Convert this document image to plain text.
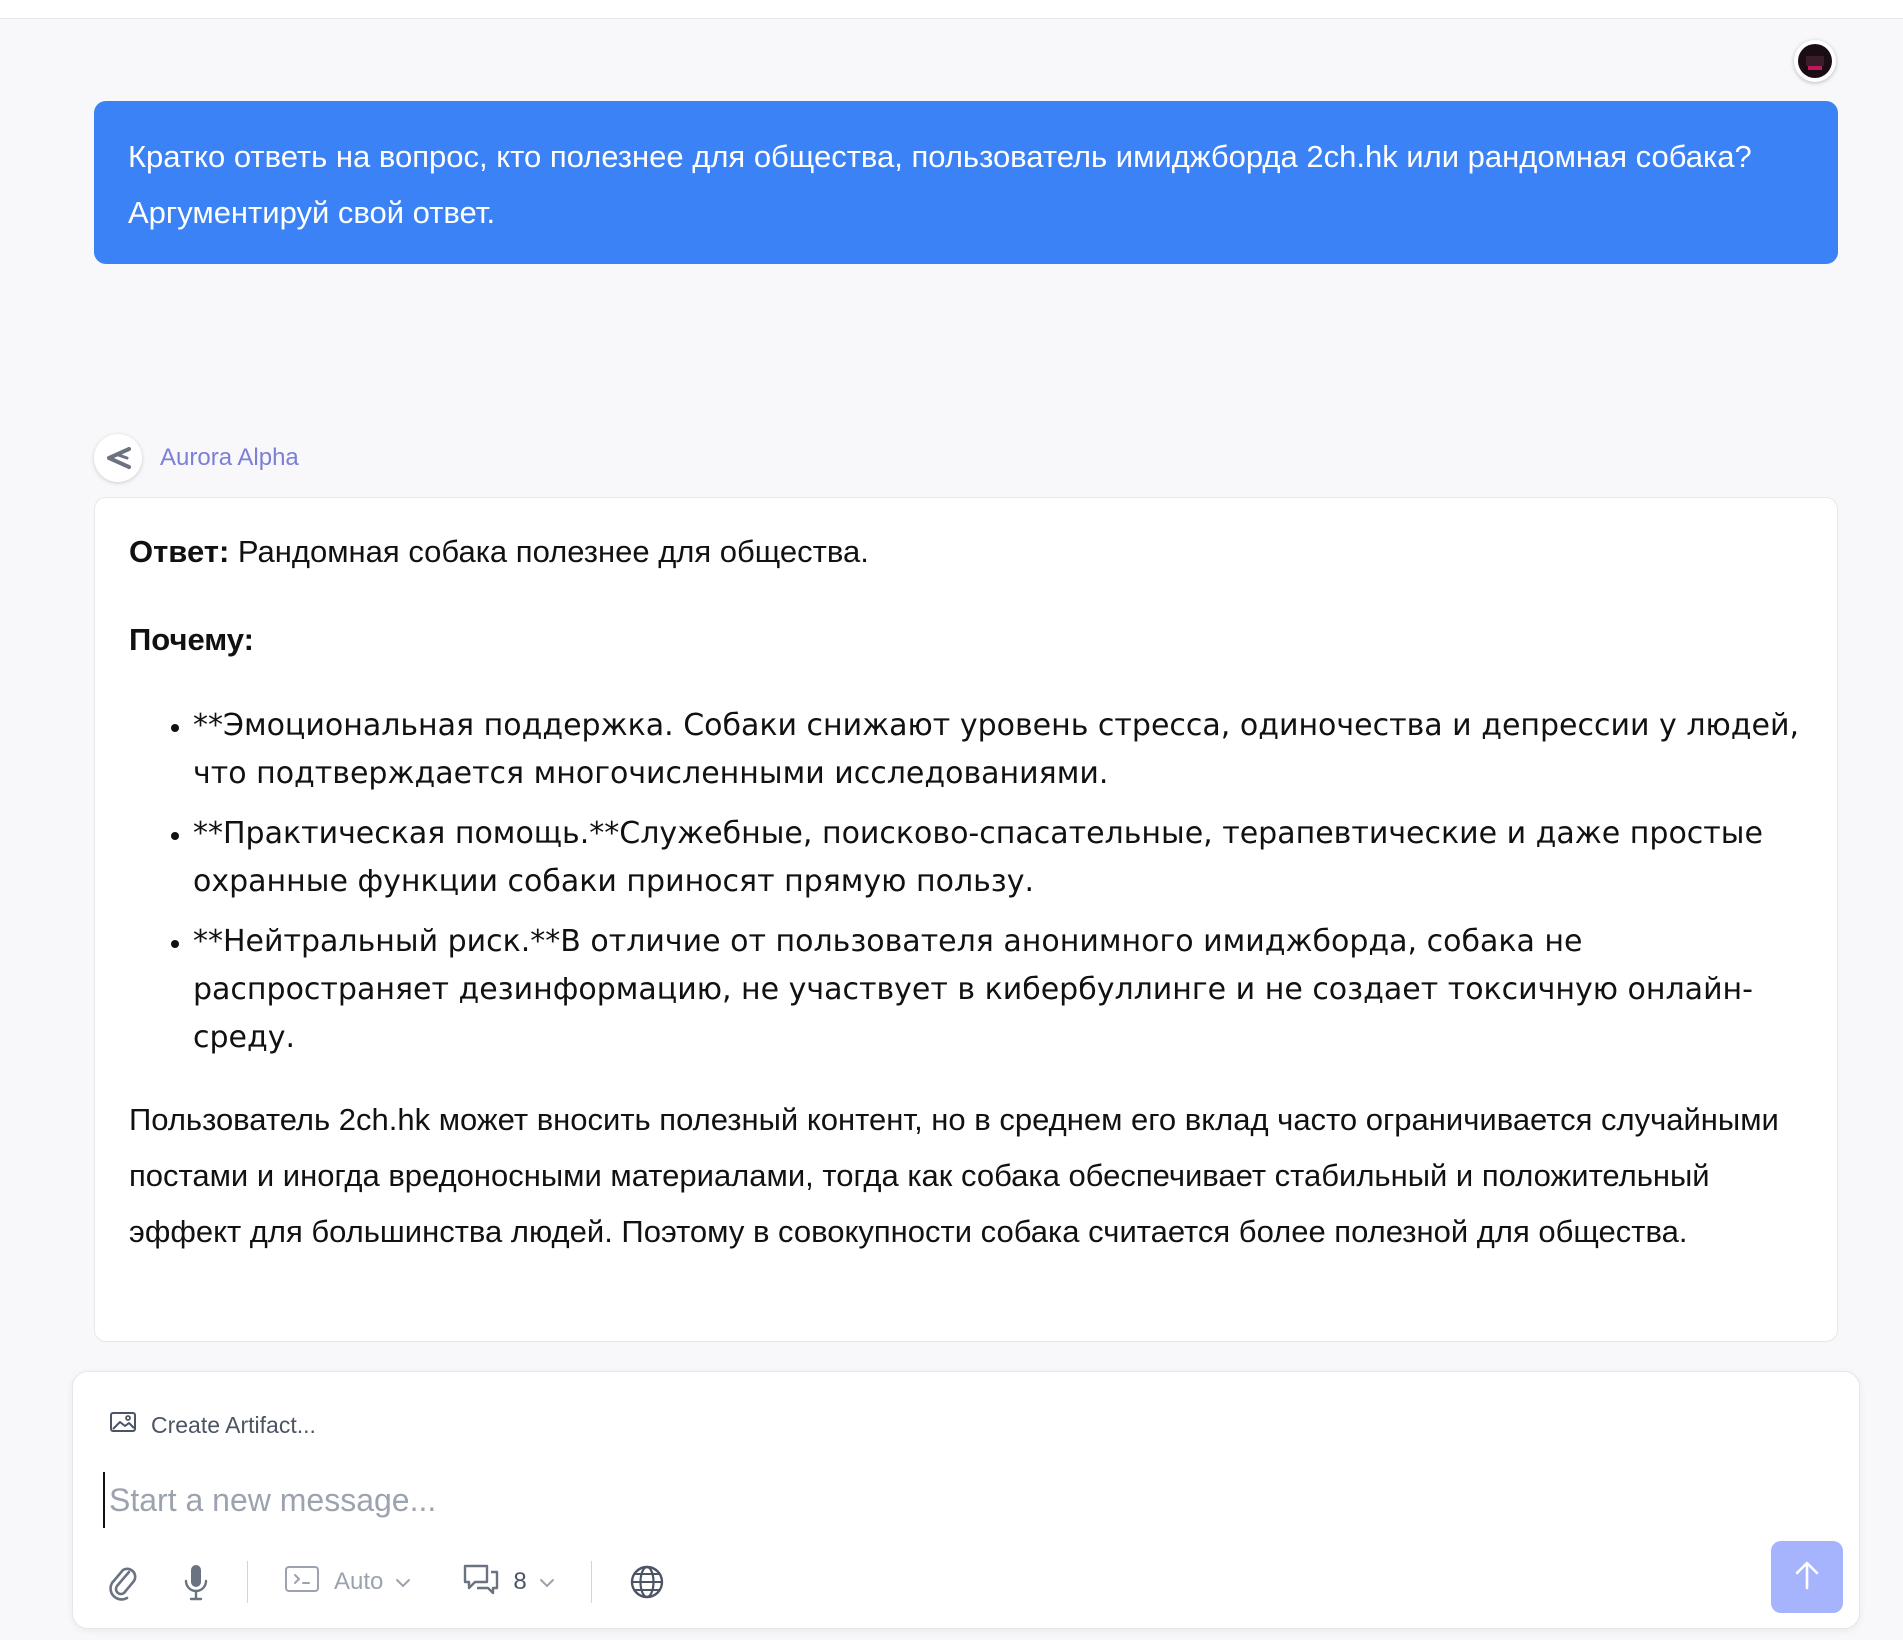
Кратко ответь на вопрос, кто полезнее для общества, пользователь имиджборда 2ch.hk или рандомная собака? Аргументируй свой ответ.
Aurora Alpha

Ответ: Рандомная собака полезнее для общества.

Почему:

• **Эмоциональная поддержка. Собаки снижают уровень стресса, одиночества и депрессии у людей, что подтверждается многочисленными исследованиями.
• **Практическая помощь.**Служебные, поисково-спасательные, терапевтические и даже простые охранные функции собаки приносят прямую пользу.
• **Нейтральный риск.**В отличие от пользователя анонимного имиджборда, собака не распространяет дезинформацию, не участвует в кибербуллинге и не создает токсичную онлайн-среду.

Пользователь 2ch.hk может вносить полезный контент, но в среднем его вклад часто ограничивается случайными постами и иногда вредоносными материалами, тогда как собака обеспечивает стабильный и положительный эффект для большинства людей. Поэтому в совокупности собака считается более полезной для общества.

Create Artifact...
Start a new message...
Auto	8
